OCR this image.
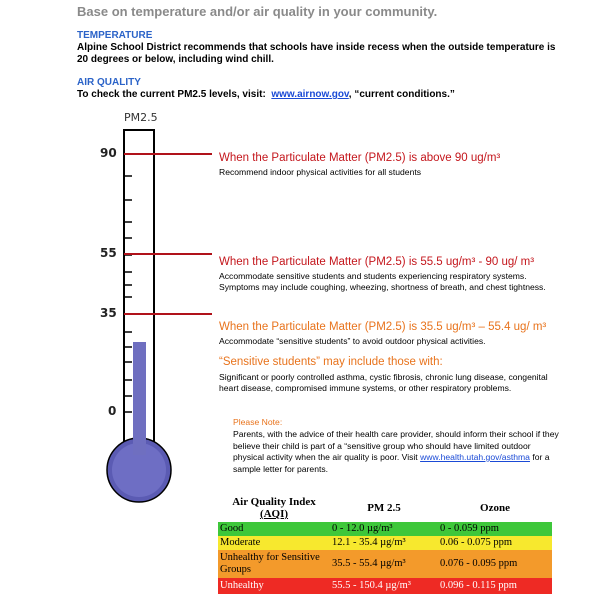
Base on temperature and/or air quality in your community.
TEMPERATURE
Alpine School District recommends that schools have inside recess when the outside temperature is 20 degrees or below, including wind chill.
AIR QUALITY
To check the current PM2.5 levels, visit: www.airnow.gov, “current conditions.”
PM2.5
90
55
35
0
When the Particulate Matter (PM2.5) is above 90 ug/m³
Recommend indoor physical activities for all students
When the Particulate Matter (PM2.5) is 55.5 ug/m³ - 90 ug/ m³
Accommodate sensitive students and students experiencing respiratory systems. Symptoms may include coughing, wheezing, shortness of breath, and chest tightness.
When the Particulate Matter (PM2.5) is 35.5 ug/m³ – 55.4 ug/ m³
Accommodate “sensitive students” to avoid outdoor physical activities.
“Sensitive students” may include those with:
Significant or poorly controlled asthma, cystic fibrosis, chronic lung disease, congenital heart disease, compromised immune systems, or other respiratory problems.
Please Note:
Parents, with the advice of their health care provider, should inform their school if they believe their child is part of a “sensitive group who should have limited outdoor physical activity when the air quality is poor. Visit www.health.utah.gov/asthma for a sample letter for parents.
Air Quality Index
(AQI)	PM 2.5	Ozone
Good	0 - 12.0 µg/m³	0 - 0.059 ppm
Moderate	12.1 - 35.4 µg/m³	0.06 - 0.075 ppm
Unhealthy for Sensitive Groups	35.5 - 55.4 µg/m³	0.076 - 0.095 ppm
Unhealthy	55.5 - 150.4 µg/m³	0.096 - 0.115 ppm
